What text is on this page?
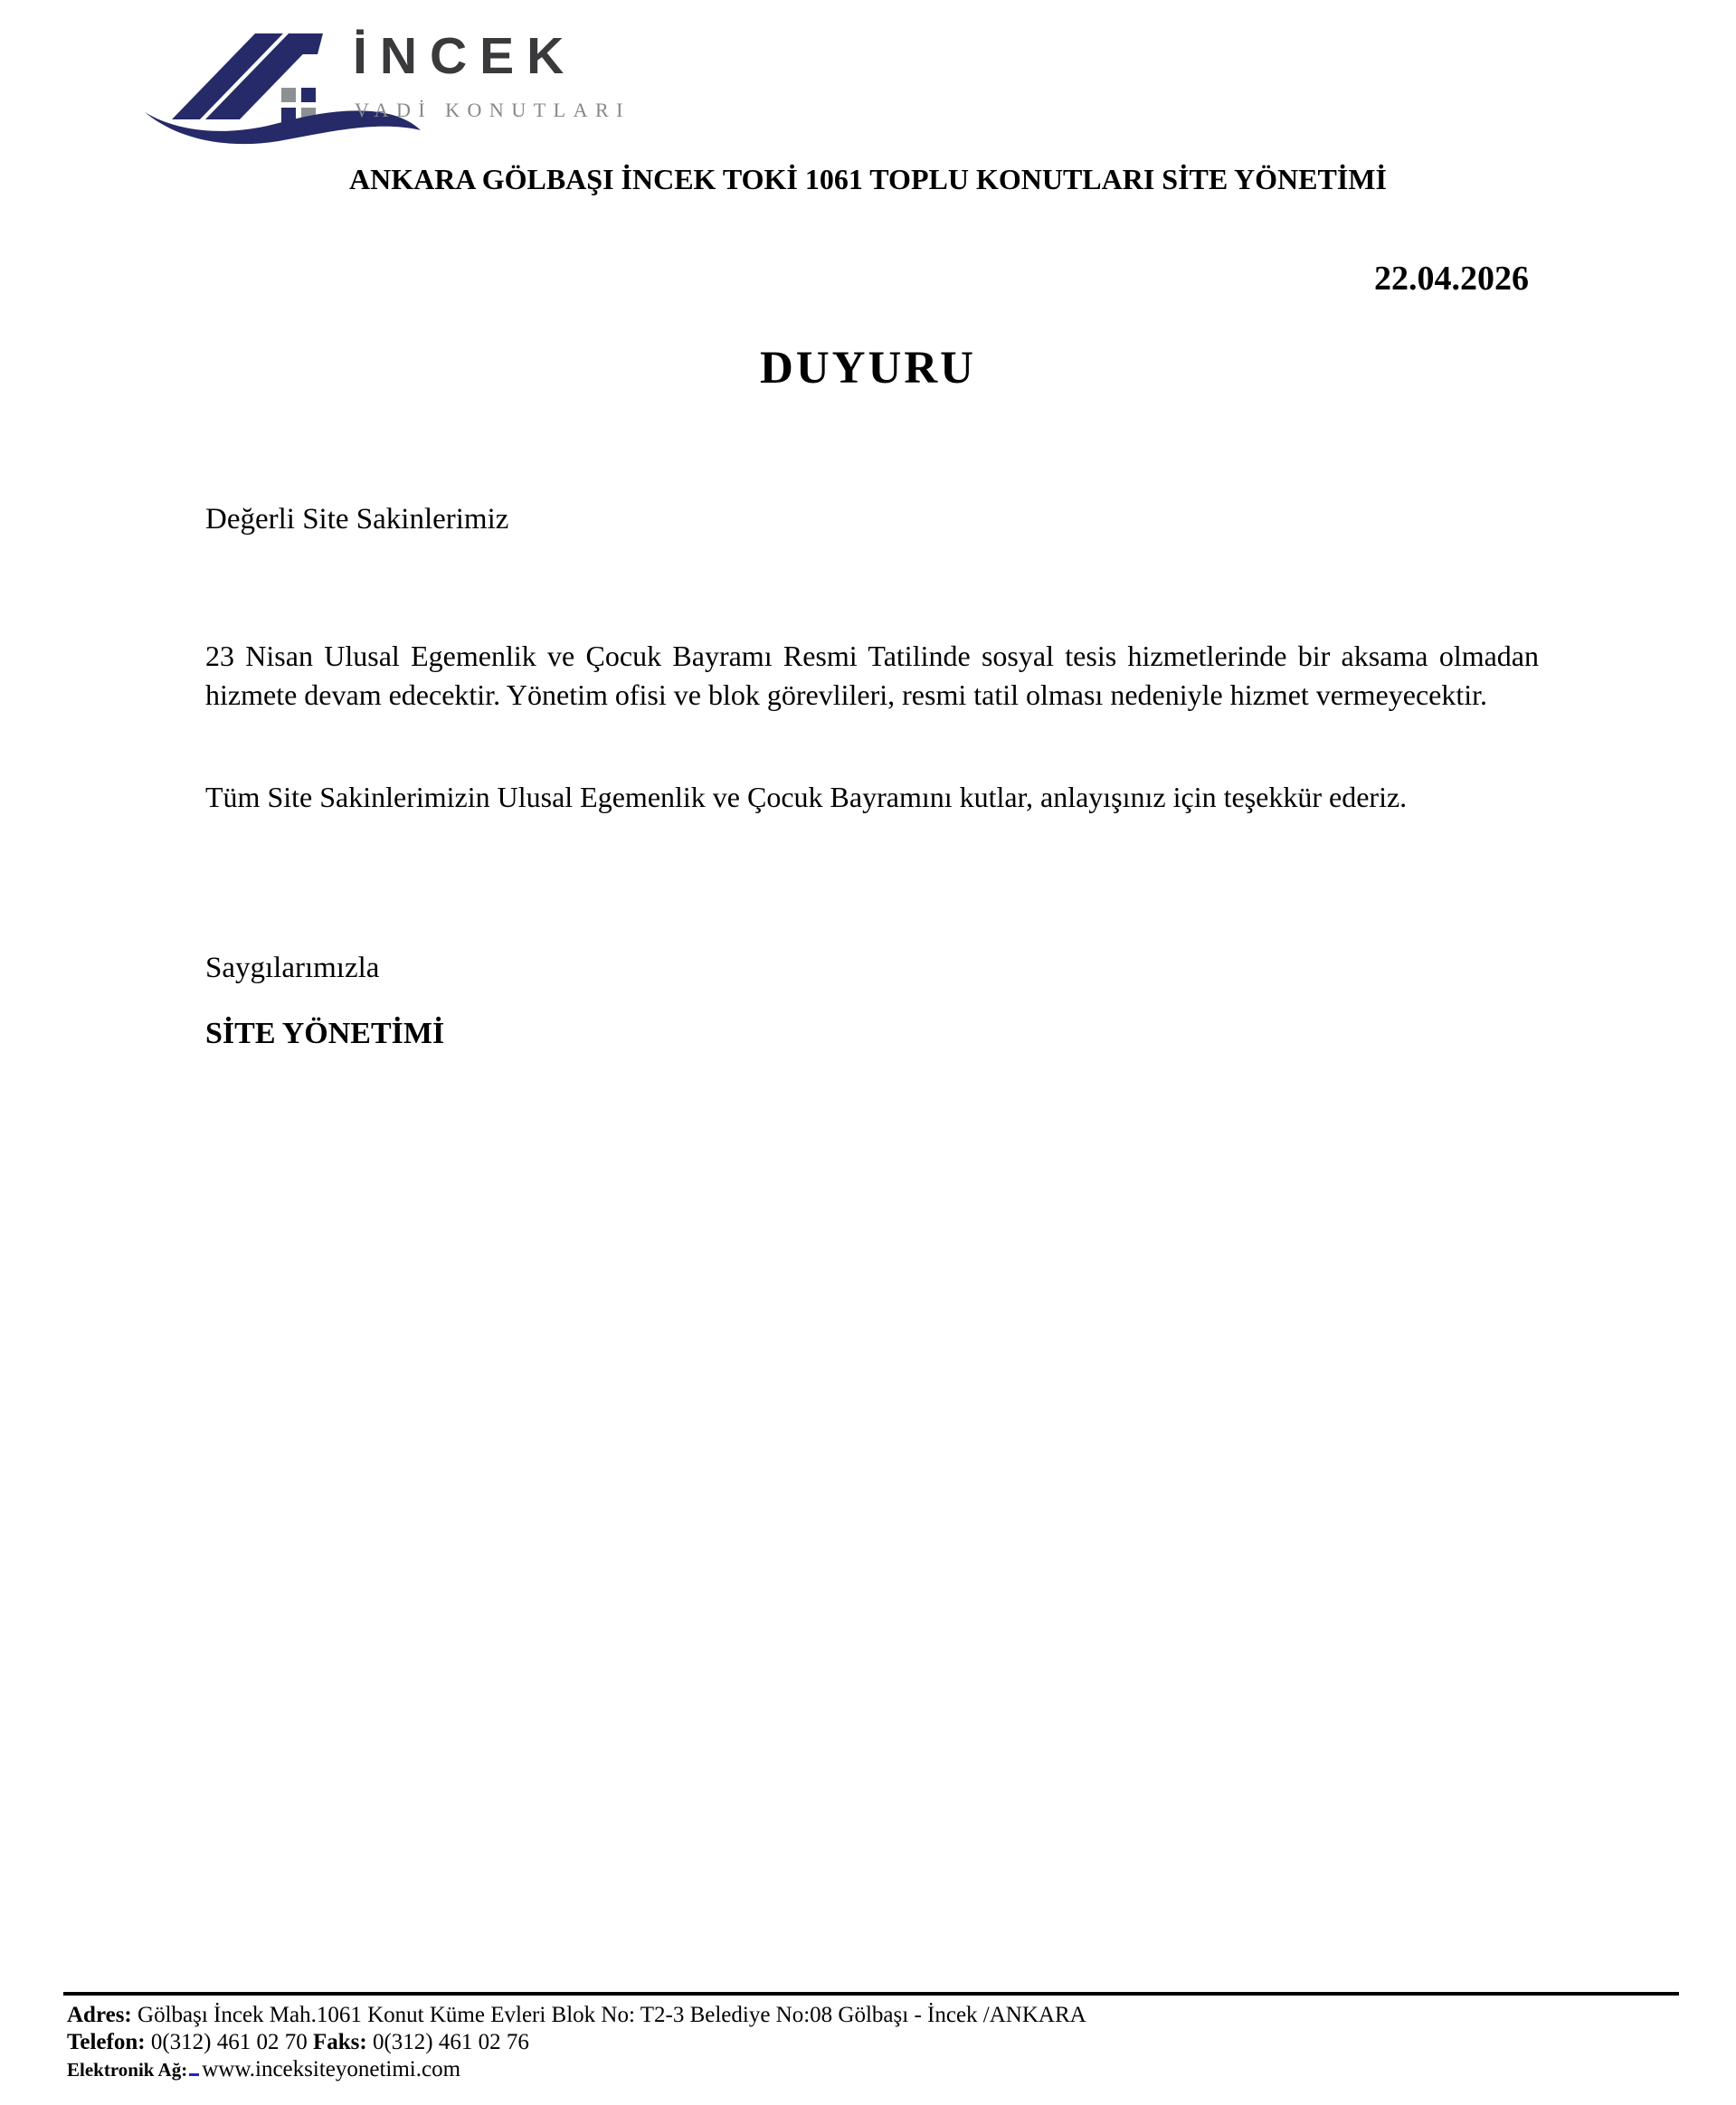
İNCEK
VADİ KONUTLARI
ANKARA GÖLBAŞI İNCEK TOKİ 1061 TOPLU KONUTLARI SİTE YÖNETİMİ
22.04.2026
DUYURU
Değerli Site Sakinlerimiz
23 Nisan Ulusal Egemenlik ve Çocuk Bayramı Resmi Tatilinde sosyal tesis hizmetlerinde bir aksama olmadan hizmete devam edecektir. Yönetim ofisi ve blok görevlileri, resmi tatil olması nedeniyle hizmet vermeyecektir.
Tüm Site Sakinlerimizin Ulusal Egemenlik ve Çocuk Bayramını kutlar, anlayışınız için teşekkür ederiz.
Saygılarımızla
SİTE YÖNETİMİ
Adres: Gölbaşı İncek Mah.1061 Konut Küme Evleri Blok No: T2-3 Belediye No:08 Gölbaşı - İncek /ANKARA
Telefon: 0(312) 461 02 70 Faks: 0(312) 461 02 76
Elektronik Ağ: www.inceksiteyonetimi.com
